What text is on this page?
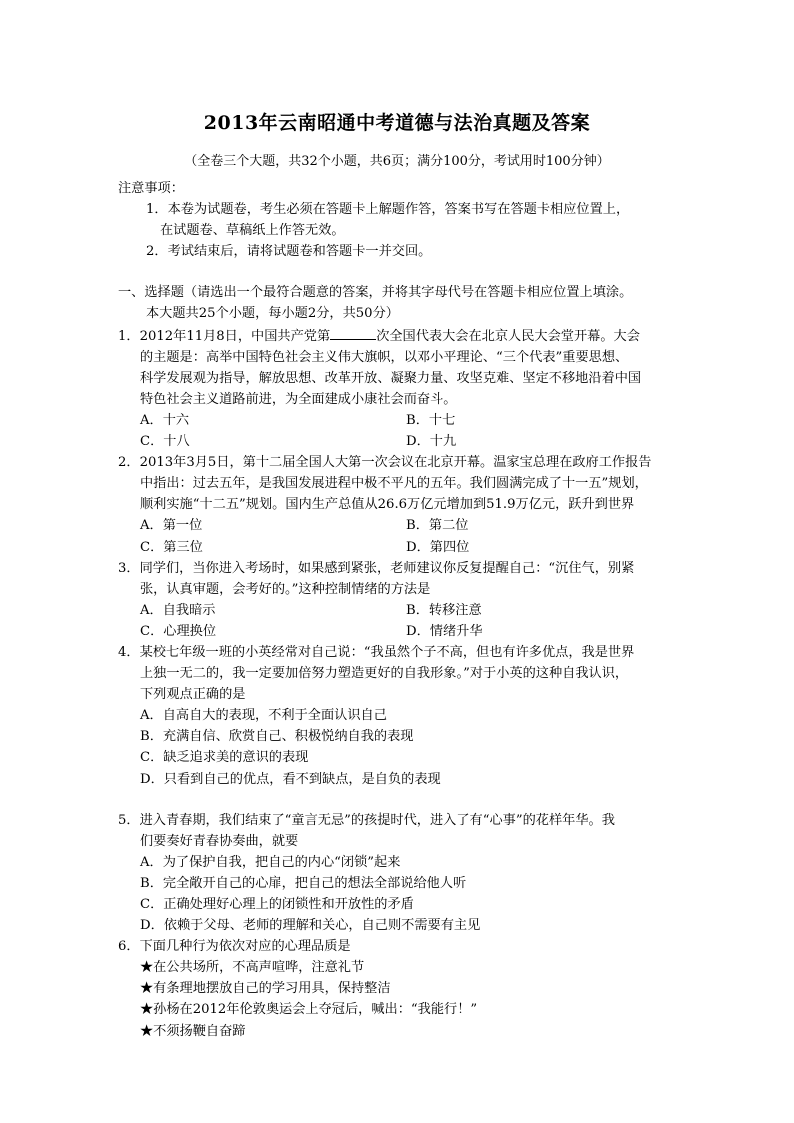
2013年云南昭通中考道德与法治真题及答案
（全卷三个大题，共32个小题，共6页；满分100分，考试用时100分钟）
注意事项：
1．本卷为试题卷，考生必须在答题卡上解题作答，答案书写在答题卡相应位置上，
在试题卷、草稿纸上作答无效。
2．考试结束后，请将试题卷和答题卡一并交回。
一、选择题（请选出一个最符合题意的答案，并将其字母代号在答题卡相应位置上填涂。
本大题共25个小题，每小题2分，共50分）
1．2012年11月8日，中国共产党第	次全国代表大会在北京人民大会堂开幕。大会
的主题是：高举中国特色社会主义伟大旗帜，以邓小平理论、“三个代表”重要思想、
科学发展观为指导，解放思想、改革开放、凝聚力量、攻坚克难、坚定不移地沿着中国
特色社会主义道路前进，为全面建成小康社会而奋斗。
A．十六	B．十七
C．十八	D．十九
2．2013年3月5日，第十二届全国人大第一次会议在北京开幕。温家宝总理在政府工作报告
中指出：过去五年，是我国发展进程中极不平凡的五年。我们圆满完成了十一五”规划，
顺利实施“十二五”规划。国内生产总值从26.6万亿元增加到51.9万亿元，跃升到世界
A．第一位	B．第二位
C．第三位	D．第四位
3．同学们，当你进入考场时，如果感到紧张，老师建议你反复提醒自己：“沉住气，别紧
张，认真审题，会考好的。”这种控制情绪的方法是
A．自我暗示	B．转移注意
C．心理换位	D．情绪升华
4．某校七年级一班的小英经常对自己说：“我虽然个子不高，但也有许多优点，我是世界
上独一无二的，我一定要加倍努力塑造更好的自我形象。”对于小英的这种自我认识，
下列观点正确的是
A．自高自大的表现，不利于全面认识自己
B．充满自信、欣赏自己、积极悦纳自我的表现
C．缺乏追求美的意识的表现
D．只看到自己的优点，看不到缺点，是自负的表现
5．进入青春期，我们结束了“童言无忌”的孩提时代，进入了有“心事”的花样年华。我
们要奏好青春协奏曲，就要
A．为了保护自我，把自己的内心“闭锁”起来
B．完全敞开自己的心扉，把自己的想法全部说给他人听
C．正确处理好心理上的闭锁性和开放性的矛盾
D．依赖于父母、老师的理解和关心，自己则不需要有主见
6．下面几种行为依次对应的心理品质是
★在公共场所，不高声喧哗，注意礼节
★有条理地摆放自己的学习用具，保持整洁
★孙杨在2012年伦敦奥运会上夺冠后，喊出：“我能行！”
★不须扬鞭自奋蹄
